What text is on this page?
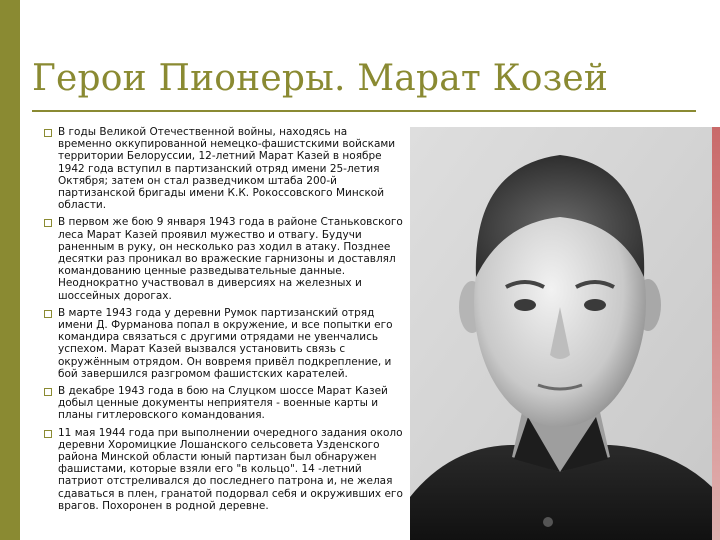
Герои Пионеры. Марат Козей
В годы Великой Отечественной войны, находясь на временно оккупированной немецко-фашистскими войсками территории Белоруссии, 12-летний Марат Казей в ноябре 1942 года вступил в партизанский отряд имени 25-летия Октября; затем он стал разведчиком штаба 200-й партизанской бригады имени К.К. Рокоссовского Минской области.
В первом же бою 9 января 1943 года в районе Станьковского леса Марат Казей проявил мужество и отвагу. Будучи раненным в руку, он несколько раз ходил в атаку. Позднее десятки раз проникал во вражеские гарнизоны и доставлял командованию ценные разведывательные данные. Неоднократно участвовал в диверсиях на железных и шоссейных дорогах.
В марте 1943 года у деревни Румок партизанский отряд имени Д. Фурманова попал в окружение, и все попытки его командира связаться с другими отрядами не увенчались успехом. Марат Казей вызвался установить связь с окружённым отрядом. Он вовремя привёл подкрепление, и бой завершился разгромом фашистских карателей.
В декабре 1943 года в бою на Слуцком шоссе Марат Казей добыл ценные документы неприятеля - военные карты и планы гитлеровского командования.
11 мая 1944 года при выполнении очередного задания около деревни Хоромицкие Лошанского сельсовета Узденского района Минской области юный партизан был обнаружен фашистами, которые взяли его "в кольцо". 14 -летний патриот отстреливался до последнего патрона и, не желая сдаваться в плен, гранатой подорвал себя и окруживших его врагов. Похоронен в родной деревне.
